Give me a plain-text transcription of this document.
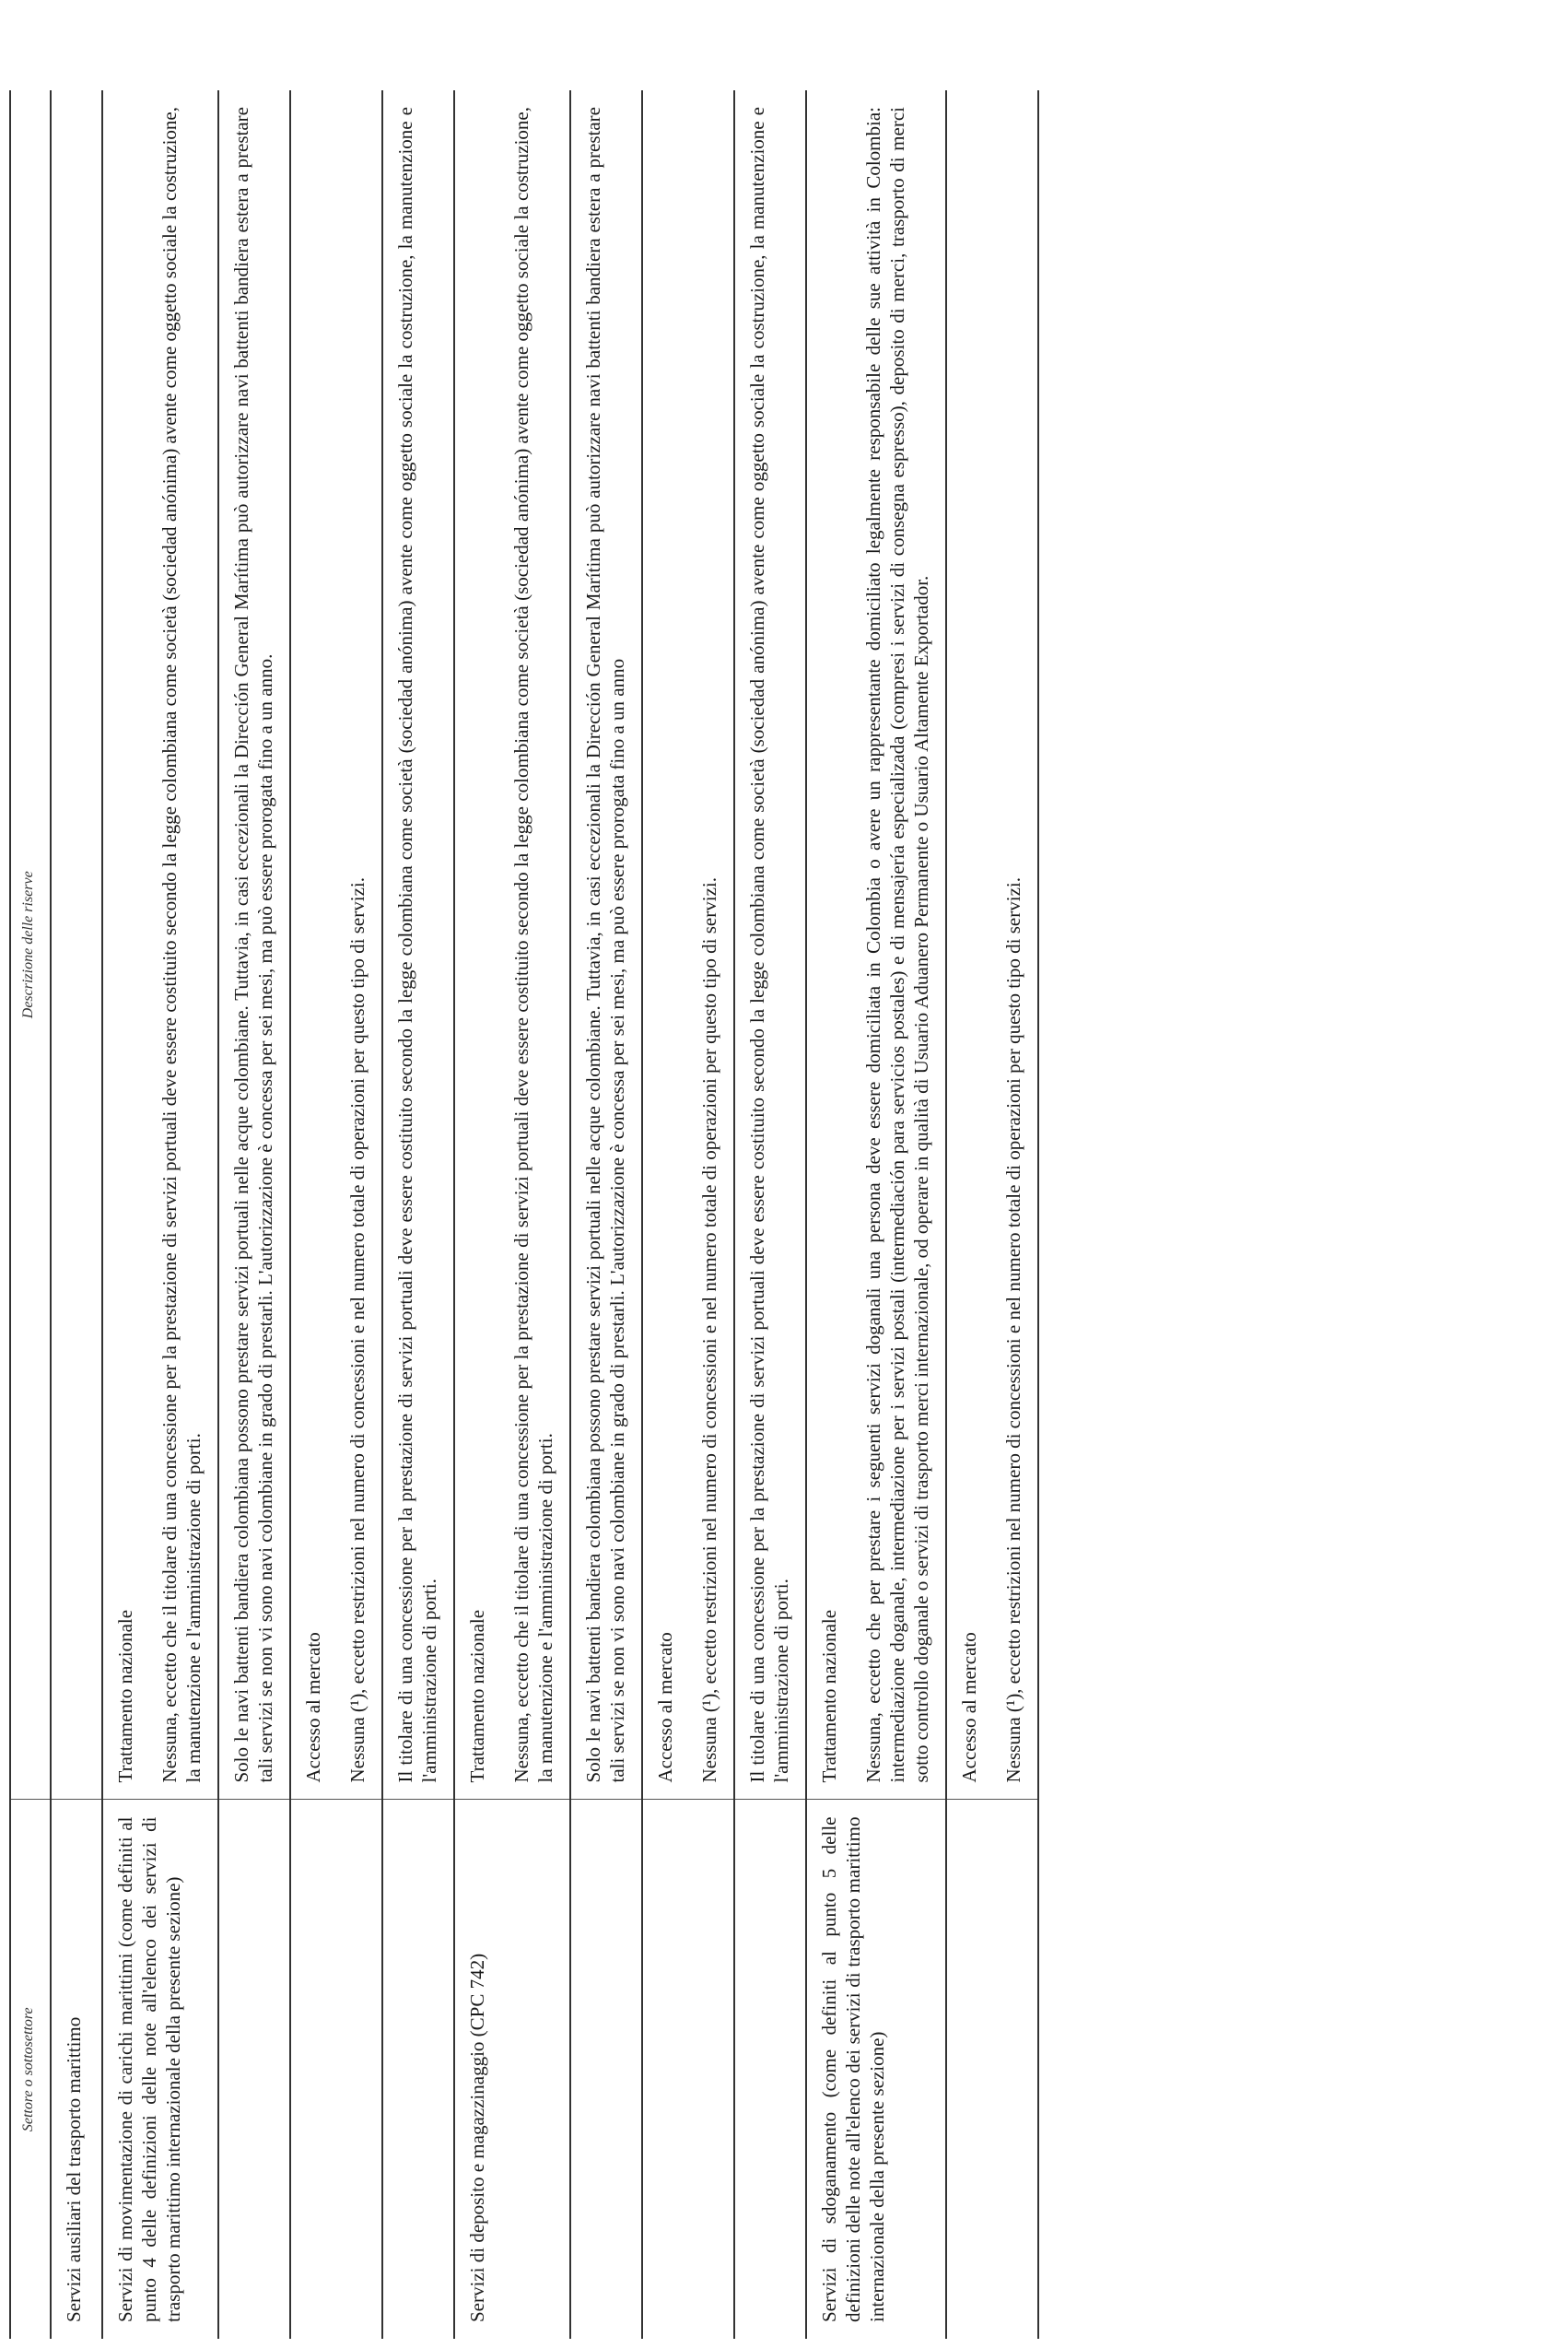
Settore o sottosettore	Descrizione delle riserve
Servizi ausiliari del trasporto marittimo	

Servizi di movimentazione di carichi marittimi (come definiti al punto 4 delle definizioni delle note all'elenco dei servizi di trasporto marittimo internazionale della presente sezione)	Trattamento nazionale Nessuna, eccetto che il titolare di una concessione per la prestazione di servizi portuali deve essere costituito secondo la legge colombiana come società (sociedad anónima) avente come oggetto sociale la costruzione, la manutenzione e l'amministrazione di porti.

	Solo le navi battenti bandiera colombiana possono prestare servizi portuali nelle acque colombiane. Tuttavia, in casi eccezionali la Dirección General Marítima può autorizzare navi battenti bandiera estera a prestare tali servizi se non vi sono navi colombiane in grado di prestarli. L'autorizzazione è concessa per sei mesi, ma può essere prorogata fino a un anno.

	Accesso al mercato Nessuna (¹), eccetto restrizioni nel numero di concessioni e nel numero totale di operazioni per questo tipo di servizi.

	Il titolare di una concessione per la prestazione di servizi portuali deve essere costituito secondo la legge colombiana come società (sociedad anónima) avente come oggetto sociale la costruzione, la manutenzione e l'amministrazione di porti.

Servizi di deposito e magazzinaggio (CPC 742)	Trattamento nazionale Nessuna, eccetto che il titolare di una concessione per la prestazione di servizi portuali deve essere costituito secondo la legge colombiana come società (sociedad anónima) avente come oggetto sociale la costruzione, la manutenzione e l'amministrazione di porti.

	Solo le navi battenti bandiera colombiana possono prestare servizi portuali nelle acque colombiane. Tuttavia, in casi eccezionali la Dirección General Marítima può autorizzare navi battenti bandiera estera a prestare tali servizi se non vi sono navi colombiane in grado di prestarli. L'autorizzazione è concessa per sei mesi, ma può essere prorogata fino a un anno

	Accesso al mercato Nessuna (¹), eccetto restrizioni nel numero di concessioni e nel numero totale di operazioni per questo tipo di servizi.

	Il titolare di una concessione per la prestazione di servizi portuali deve essere costituito secondo la legge colombiana come società (sociedad anónima) avente come oggetto sociale la costruzione, la manutenzione e l'amministrazione di porti.

Servizi di sdoganamento (come definiti al punto 5 delle definizioni delle note all'elenco dei servizi di trasporto marittimo internazionale della presente sezione)	Trattamento nazionale Nessuna, eccetto che per prestare i seguenti servizi doganali una persona deve essere domiciliata in Colombia o avere un rappresentante domiciliato legalmente responsabile delle sue attività in Colombia: intermediazione doganale, intermediazione per i servizi postali (intermediación para servicios postales) e di mensajería especializada (compresi i servizi di consegna espresso), deposito di merci, trasporto di merci sotto controllo doganale o servizi di trasporto merci internazionale, od operare in qualità di Usuario Aduanero Permanente o Usuario Altamente Exportador.

	Accesso al mercato Nessuna (¹), eccetto restrizioni nel numero di concessioni e nel numero totale di operazioni per questo tipo di servizi.
